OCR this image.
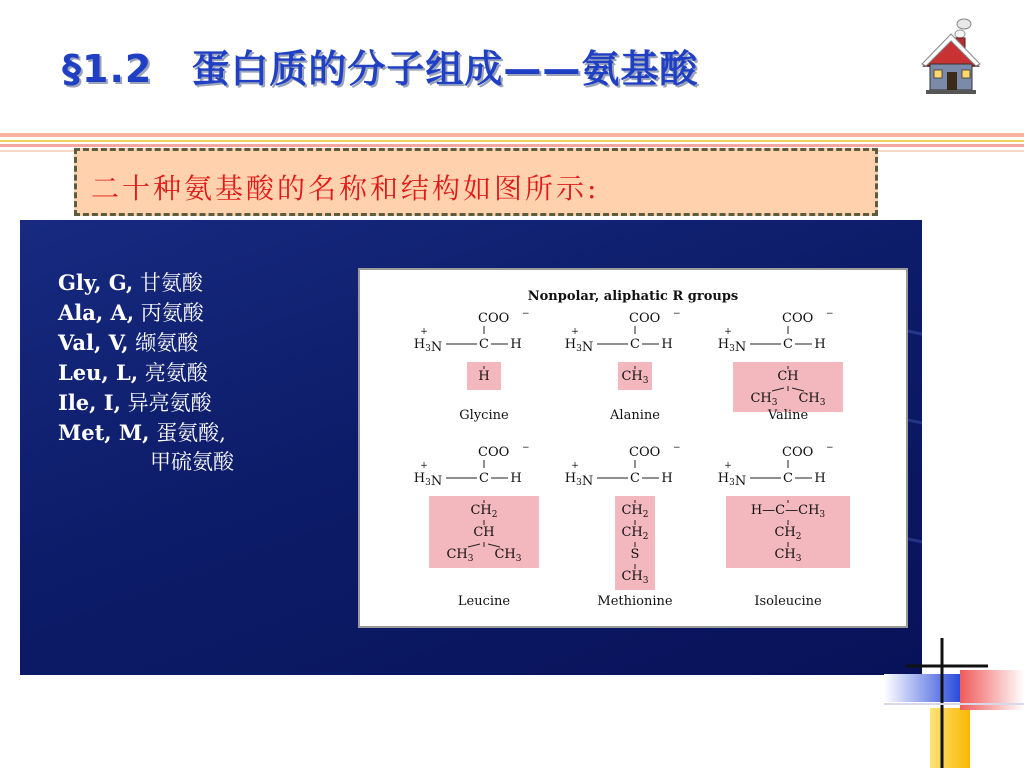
§1.2　蛋白质的分子组成——氨基酸
二十种氨基酸的名称和结构如图所示:
Gly, G, 甘氨酸
Ala, A, 丙氨酸
Val, V, 缬氨酸
Leu, L, 亮氨酸
Ile, I, 异亮氨酸
Met, M, 蛋氨酸,
甲硫氨酸
Nonpolar, aliphatic R groups
COO −
$H_3N$
+
C H
H
Glycine
COO −
$H_3N$
+
C H
$CH_3$
Alanine
COO −
$H_3N$
+
C H
CH
$CH_3$ $CH_3$
Valine
COO −
$H_3N$
+
C H
$CH_2$
CH
$CH_3$ $CH_3$
Leucine
COO −
$H_3N$
+
C H
$CH_2$
$CH_2$
S
$CH_3$
Methionine
COO −
$H_3N$
+
C H
$H—C—CH_3$
$CH_2$
$CH_3$
Isoleucine
